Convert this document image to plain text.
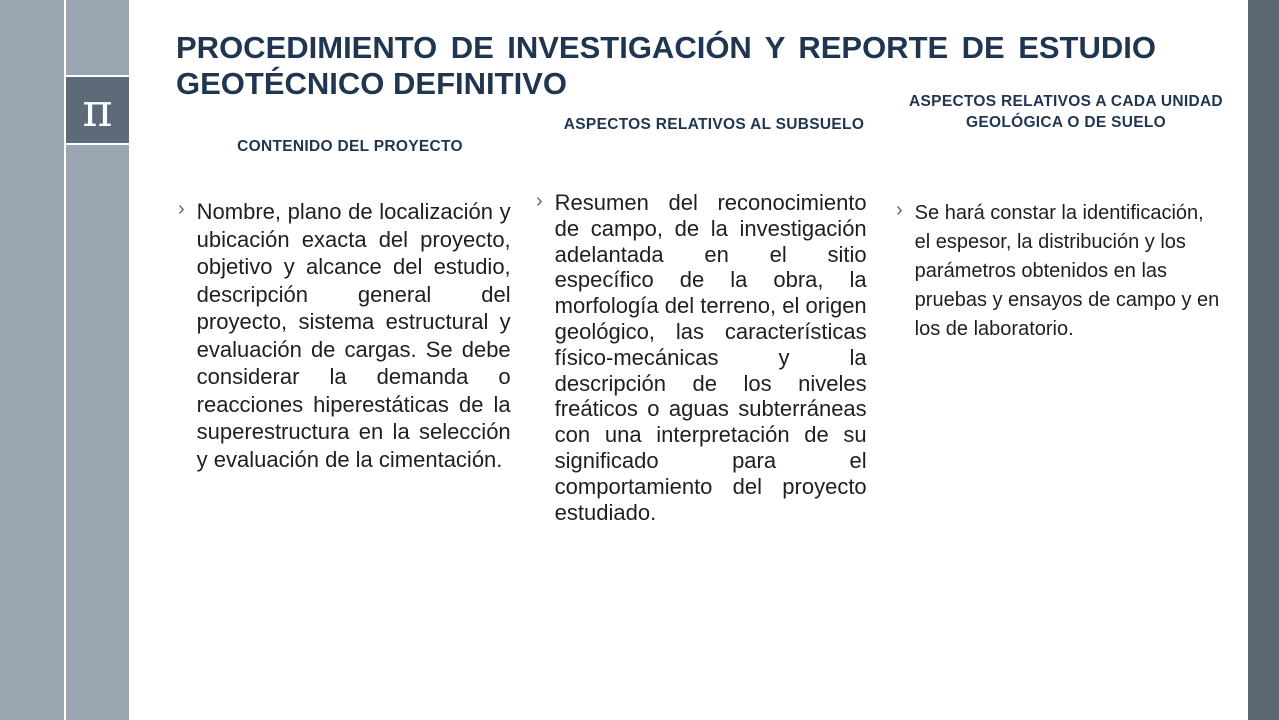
π
PROCEDIMIENTO DE INVESTIGACIÓN Y REPORTE DE ESTUDIO GEOTÉCNICO DEFINITIVO
CONTENIDO DEL PROYECTO
ASPECTOS RELATIVOS AL SUBSUELO
ASPECTOS RELATIVOS A CADA UNIDAD GEOLÓGICA O DE SUELO
› Nombre, plano de localización y ubicación exacta del proyecto, objetivo y alcance del estudio, descripción general del proyecto, sistema estructural y evaluación de cargas. Se debe considerar la demanda o reacciones hiperestáticas de la superestructura en la selección y evaluación de la cimentación.
› Resumen del reconocimiento de campo, de la investigación adelantada en el sitio específico de la obra, la morfología del terreno, el origen geológico, las características físico-mecánicas y la descripción de los niveles freáticos o aguas subterráneas con una interpretación de su significado para el comportamiento del proyecto estudiado.
› Se hará constar la identificación, el espesor, la distribución y los parámetros obtenidos en las pruebas y ensayos de campo y en los de laboratorio.
